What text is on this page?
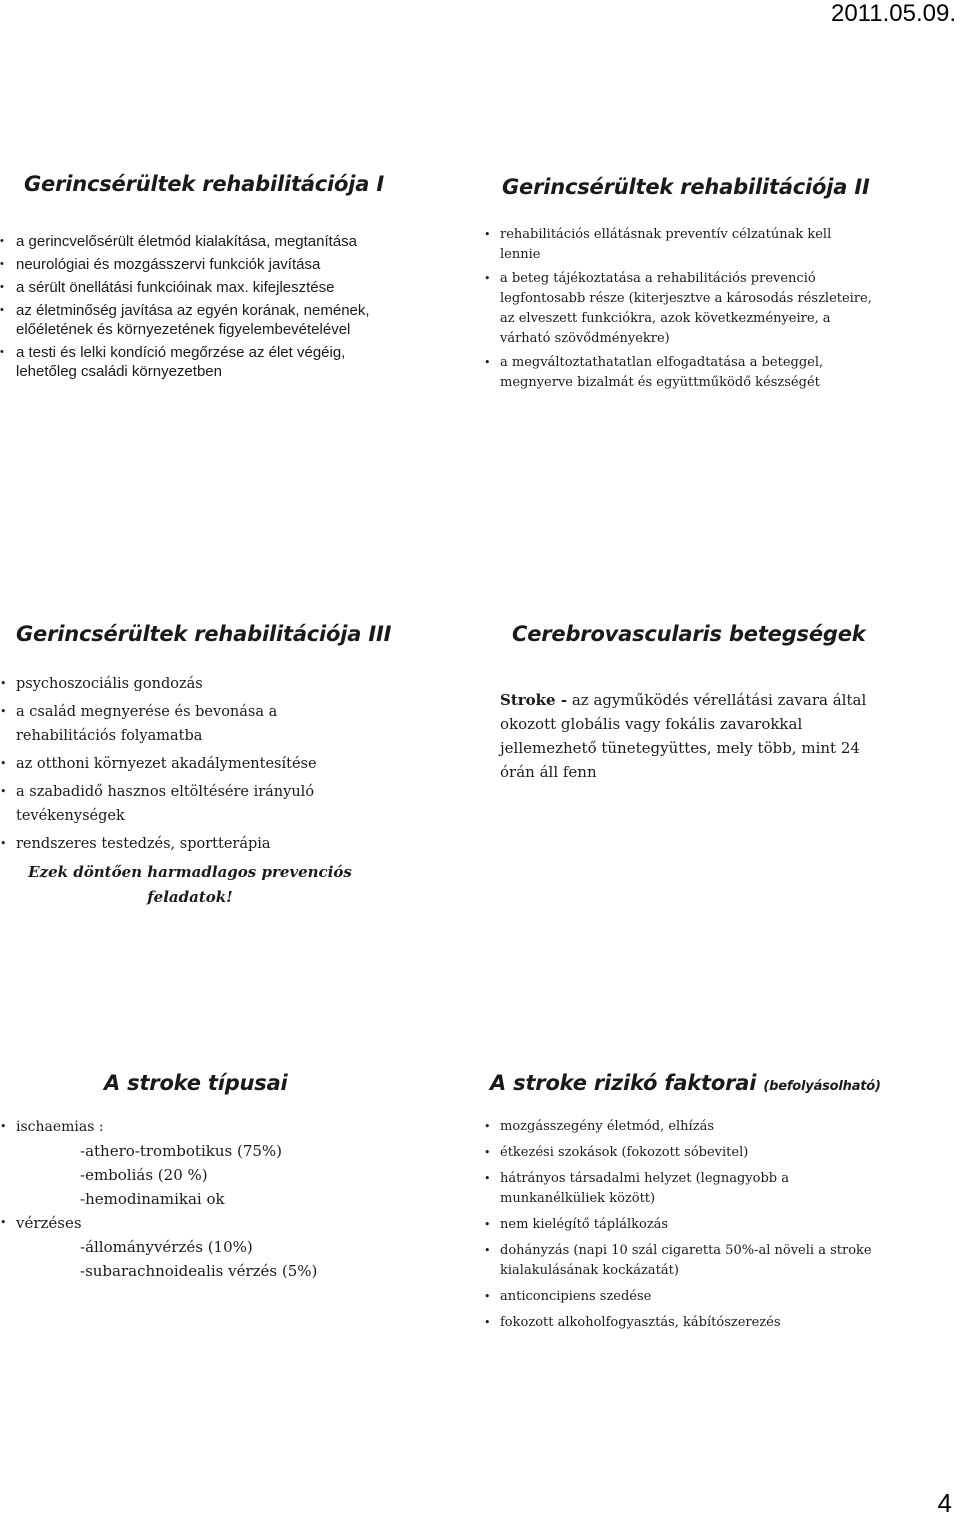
2011.05.09.
Gerincsérültek rehabilitációja I
• a gerincvelősérült életmód kialakítása, megtanítása
• neurológiai és mozgásszervi funkciók javítása
• a sérült önellátási funkcióinak max. kifejlesztése
• az életminőség javítása az egyén korának, nemének, előéletének és környezetének figyelembevételével
• a testi és lelki kondíció megőrzése az élet végéig, lehetőleg családi környezetben
Gerincsérültek rehabilitációja II
• rehabilitációs ellátásnak preventív célzatúnak kell lennie
• a beteg tájékoztatása a rehabilitációs prevenció legfontosabb része (kiterjesztve a károsodás részleteire, az elveszett funkciókra, azok következményeire, a várható szövődményekre)
• a megváltoztathatatlan elfogadtatása a beteggel, megnyerve bizalmát és együttműködő készségét
Gerincsérültek rehabilitációja III
• psychoszociális gondozás
• a család megnyerése és bevonása a rehabilitációs folyamatba
• az otthoni környezet akadálymentesítése
• a szabadidő hasznos eltöltésére irányuló tevékenységek
• rendszeres testedzés, sportterápia
Ezek döntően harmadlagos prevenciós feladatok!
Cerebrovascularis betegségek

Stroke - az agyműködés vérellátási zavara által okozott globális vagy fokális zavarokkal jellemezhető tünetegyüttes, mely több, mint 24 órán áll fenn

A stroke típusai
• ischaemias :
-athero-trombotikus (75%)
-emboliás (20 %)
-hemodinamikai ok
• vérzéses
-állományvérzés (10%)
-subarachnoidealis vérzés (5%)
A stroke rizikó faktorai (befolyásolható)
• mozgásszegény életmód, elhízás
• étkezési szokások (fokozott sóbevitel)
• hátrányos társadalmi helyzet (legnagyobb a munkanélküliek között)
• nem kielégítő táplálkozás
• dohányzás (napi 10 szál cigaretta 50%-al növeli a stroke kialakulásának kockázatát)
• anticoncipiens szedése
• fokozott alkoholfogyasztás, kábítószerezés
4
